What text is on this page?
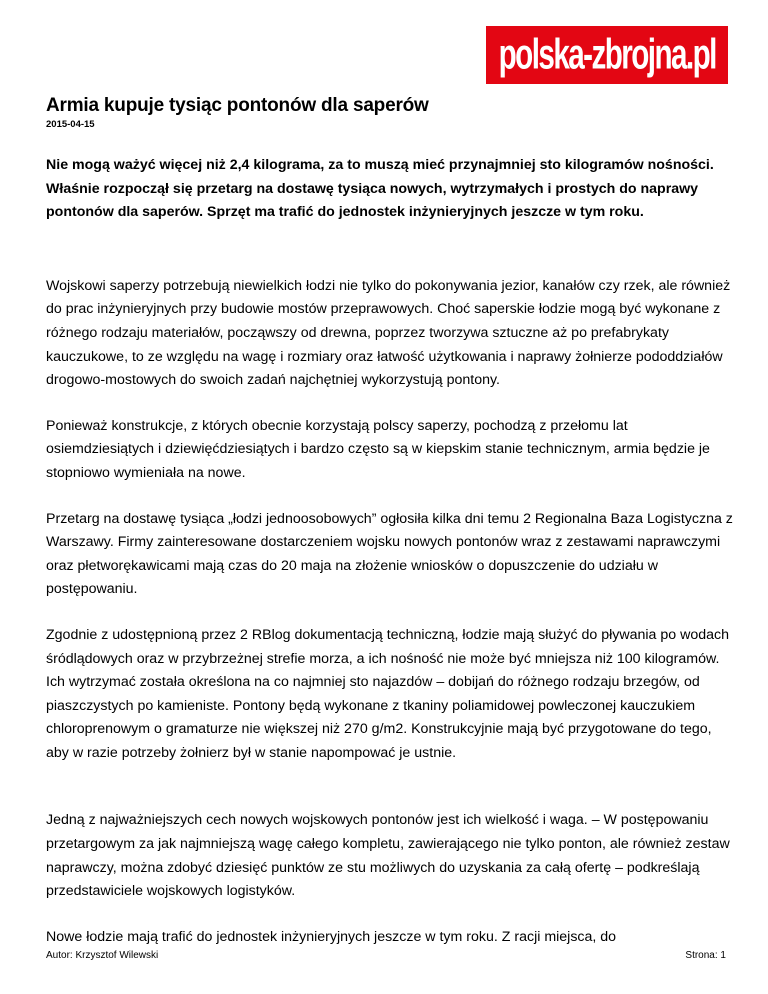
polska-zbrojna.pl
Armia kupuje tysiąc pontonów dla saperów
2015-04-15

Nie mogą ważyć więcej niż 2,4 kilograma, za to muszą mieć przynajmniej sto kilogramów nośności. Właśnie rozpoczął się przetarg na dostawę tysiąca nowych, wytrzymałych i prostych do naprawy pontonów dla saperów. Sprzęt ma trafić do jednostek inżynieryjnych jeszcze w tym roku.

Wojskowi saperzy potrzebują niewielkich łodzi nie tylko do pokonywania jezior, kanałów czy rzek, ale również do prac inżynieryjnych przy budowie mostów przeprawowych. Choć saperskie łodzie mogą być wykonane z różnego rodzaju materiałów, począwszy od drewna, poprzez tworzywa sztuczne aż po prefabrykaty kauczukowe, to ze względu na wagę i rozmiary oraz łatwość użytkowania i naprawy żołnierze pododdziałów drogowo-mostowych do swoich zadań najchętniej wykorzystują pontony.

Ponieważ konstrukcje, z których obecnie korzystają polscy saperzy, pochodzą z przełomu lat osiemdziesiątych i dziewięćdziesiątych i bardzo często są w kiepskim stanie technicznym, armia będzie je stopniowo wymieniała na nowe.

Przetarg na dostawę tysiąca „łodzi jednoosobowych” ogłosiła kilka dni temu 2 Regionalna Baza Logistyczna z Warszawy. Firmy zainteresowane dostarczeniem wojsku nowych pontonów wraz z zestawami naprawczymi oraz płetworękawicami mają czas do 20 maja na złożenie wniosków o dopuszczenie do udziału w postępowaniu.

Zgodnie z udostępnioną przez 2 RBlog dokumentacją techniczną, łodzie mają służyć do pływania po wodach śródlądowych oraz w przybrzeżnej strefie morza, a ich nośność nie może być mniejsza niż 100 kilogramów. Ich wytrzymać została określona na co najmniej sto najazdów – dobijań do różnego rodzaju brzegów, od piaszczystych po kamieniste. Pontony będą wykonane z tkaniny poliamidowej powleczonej kauczukiem chloroprenowym o gramaturze nie większej niż 270 g/m2. Konstrukcyjnie mają być przygotowane do tego, aby w razie potrzeby żołnierz był w stanie napompować je ustnie.

Jedną z najważniejszych cech nowych wojskowych pontonów jest ich wielkość i waga. – W postępowaniu przetargowym za jak najmniejszą wagę całego kompletu, zawierającego nie tylko ponton, ale również zestaw naprawczy, można zdobyć dziesięć punktów ze stu możliwych do uzyskania za całą ofertę – podkreślają przedstawiciele wojskowych logistyków.

Nowe łodzie mają trafić do jednostek inżynieryjnych jeszcze w tym roku. Z racji miejsca, do

Autor: Krzysztof Wilewski	Strona: 1
